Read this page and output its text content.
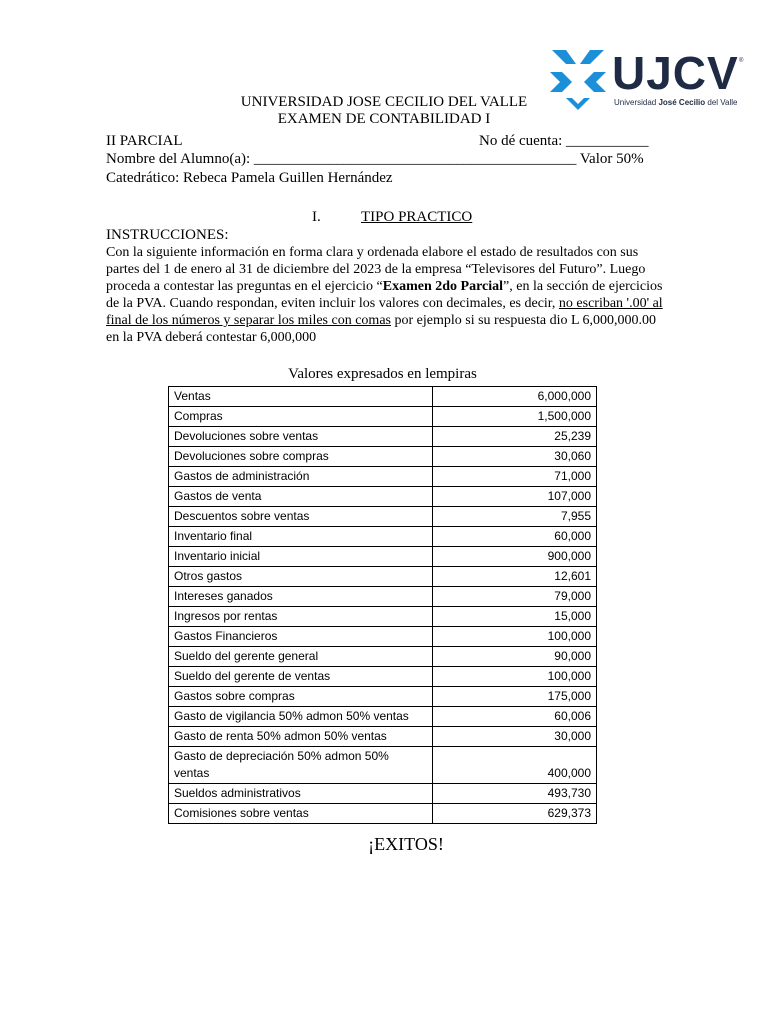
UJCV ®
Universidad José Cecilio del Valle
UNIVERSIDAD JOSE CECILIO DEL VALLE
EXAMEN DE CONTABILIDAD I
II PARCIAL	No dé cuenta: ___________
Nombre del Alumno(a): ___________________________________________ Valor 50%
Catedrático: Rebeca Pamela Guillen Hernández
I.	TIPO PRACTICO
INSTRUCCIONES:
Con la siguiente información en forma clara y ordenada elabore el estado de resultados con sus
partes del 1 de enero al 31 de diciembre del 2023 de la empresa “Televisores del Futuro”. Luego
proceda a contestar las preguntas en el ejercicio “Examen 2do Parcial”, en la sección de ejercicios
de la PVA. Cuando respondan, eviten incluir los valores con decimales, es decir, no escriban '.00' al
final de los números y separar los miles con comas por ejemplo si su respuesta dio L 6,000,000.00
en la PVA deberá contestar 6,000,000
Valores expresados en lempiras
Ventas	6,000,000
Compras	1,500,000
Devoluciones sobre ventas	25,239
Devoluciones sobre compras	30,060
Gastos de administración	71,000
Gastos de venta	107,000
Descuentos sobre ventas	7,955
Inventario final	60,000
Inventario inicial	900,000
Otros gastos	12,601
Intereses ganados	79,000
Ingresos por rentas	15,000
Gastos Financieros	100,000
Sueldo del gerente general	90,000
Sueldo del gerente de ventas	100,000
Gastos sobre compras	175,000
Gasto de vigilancia 50% admon 50% ventas	60,006
Gasto de renta 50% admon 50% ventas	30,000
Gasto de depreciación 50% admon 50% ventas	400,000
Sueldos administrativos	493,730
Comisiones sobre ventas	629,373
¡EXITOS!
